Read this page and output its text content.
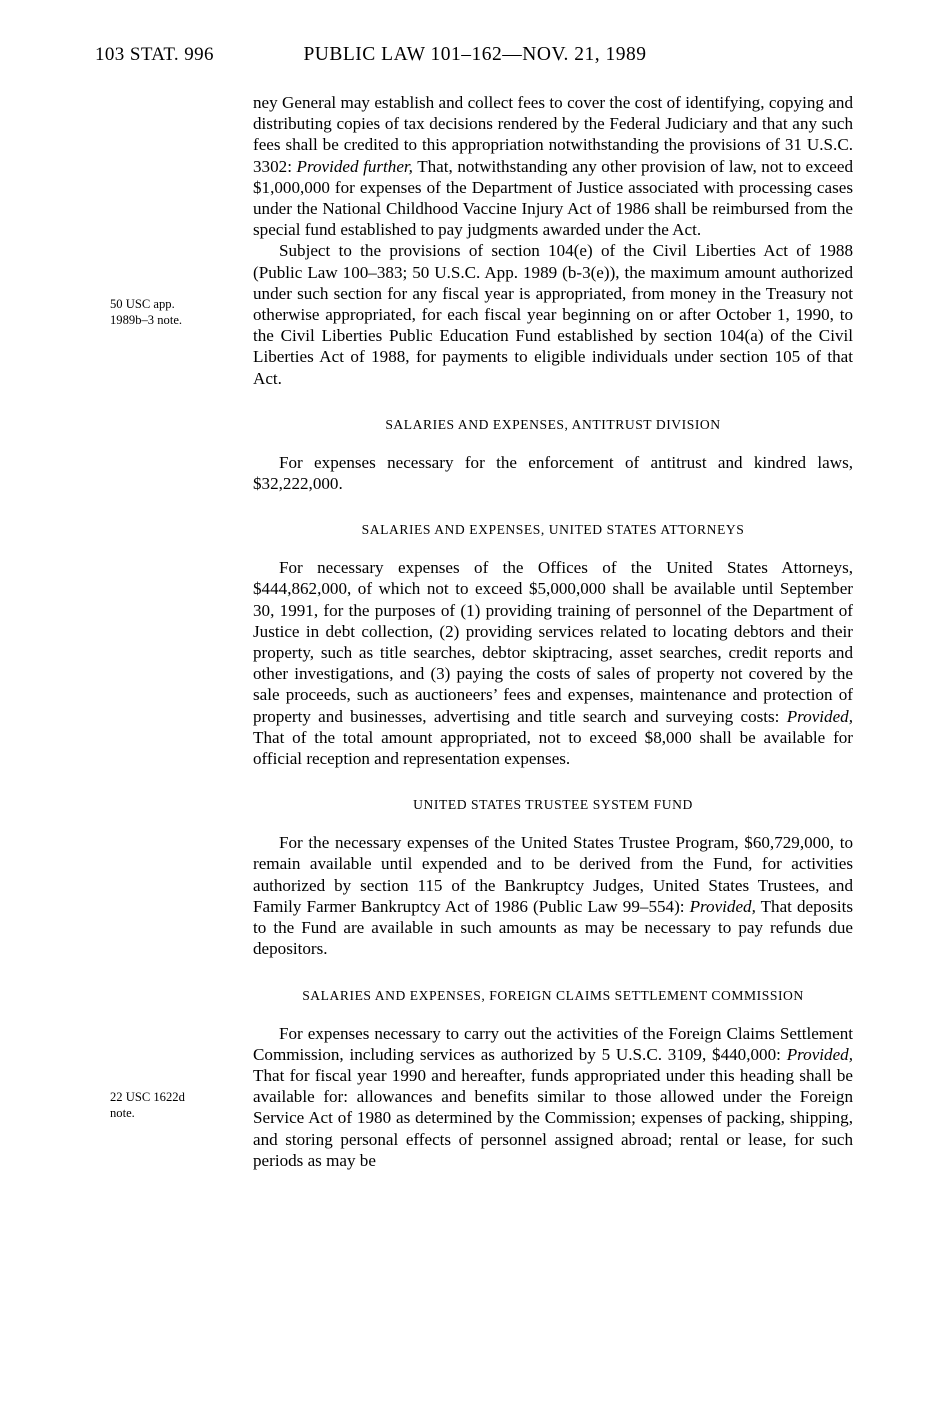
103 STAT. 996	PUBLIC LAW 101–162—NOV. 21, 1989
50 USC app.
1989b–3 note.
22 USC 1622d
note.

ney General may establish and collect fees to cover the cost of identifying, copying and distributing copies of tax decisions rendered by the Federal Judiciary and that any such fees shall be credited to this appropriation notwithstanding the provisions of 31 U.S.C. 3302: Provided further, That, notwithstanding any other provision of law, not to exceed $1,000,000 for expenses of the Department of Justice associated with processing cases under the National Childhood Vaccine Injury Act of 1986 shall be reimbursed from the special fund established to pay judgments awarded under the Act.

Subject to the provisions of section 104(e) of the Civil Liberties Act of 1988 (Public Law 100–383; 50 U.S.C. App. 1989 (b-3(e)), the maximum amount authorized under such section for any fiscal year is appropriated, from money in the Treasury not otherwise appropriated, for each fiscal year beginning on or after October 1, 1990, to the Civil Liberties Public Education Fund established by section 104(a) of the Civil Liberties Act of 1988, for payments to eligible individuals under section 105 of that Act.

SALARIES AND EXPENSES, ANTITRUST DIVISION

For expenses necessary for the enforcement of antitrust and kindred laws, $32,222,000.

SALARIES AND EXPENSES, UNITED STATES ATTORNEYS

For necessary expenses of the Offices of the United States Attorneys, $444,862,000, of which not to exceed $5,000,000 shall be available until September 30, 1991, for the purposes of (1) providing training of personnel of the Department of Justice in debt collection, (2) providing services related to locating debtors and their property, such as title searches, debtor skiptracing, asset searches, credit reports and other investigations, and (3) paying the costs of sales of property not covered by the sale proceeds, such as auctioneers’ fees and expenses, maintenance and protection of property and businesses, advertising and title search and surveying costs: Provided, That of the total amount appropriated, not to exceed $8,000 shall be available for official reception and representation expenses.

UNITED STATES TRUSTEE SYSTEM FUND

For the necessary expenses of the United States Trustee Program, $60,729,000, to remain available until expended and to be derived from the Fund, for activities authorized by section 115 of the Bankruptcy Judges, United States Trustees, and Family Farmer Bankruptcy Act of 1986 (Public Law 99–554): Provided, That deposits to the Fund are available in such amounts as may be necessary to pay refunds due depositors.

SALARIES AND EXPENSES, FOREIGN CLAIMS SETTLEMENT COMMISSION

For expenses necessary to carry out the activities of the Foreign Claims Settlement Commission, including services as authorized by 5 U.S.C. 3109, $440,000: Provided, That for fiscal year 1990 and hereafter, funds appropriated under this heading shall be available for: allowances and benefits similar to those allowed under the Foreign Service Act of 1980 as determined by the Commission; expenses of packing, shipping, and storing personal effects of personnel assigned abroad; rental or lease, for such periods as may be
